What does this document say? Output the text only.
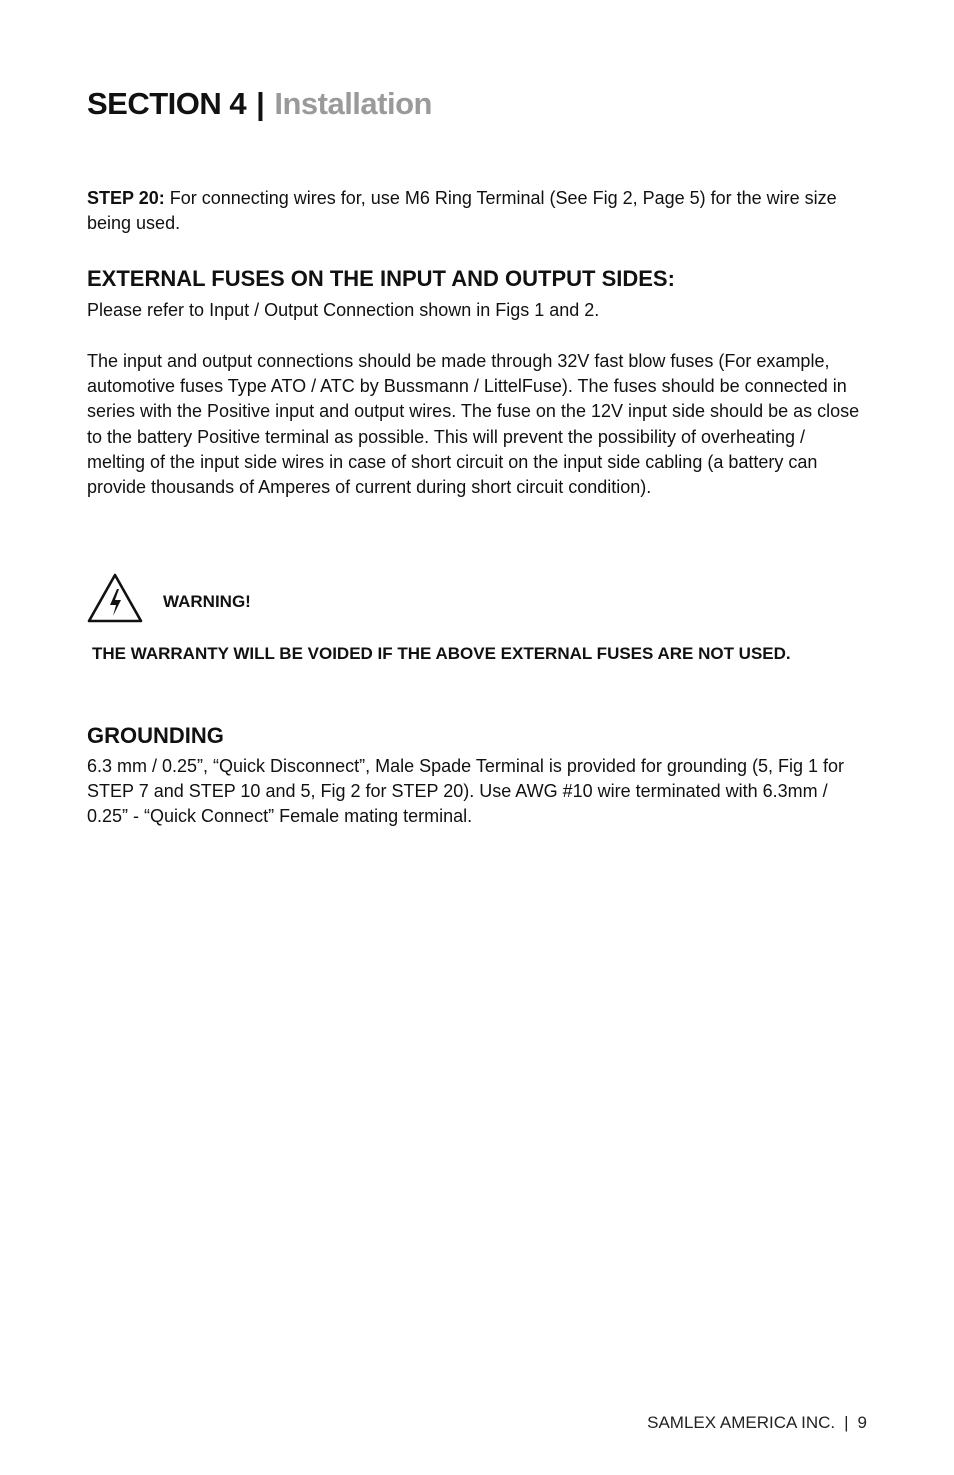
SECTION 4 | Installation

STEP 20: For connecting wires for, use M6 Ring Terminal (See Fig 2, Page 5) for the wire size being used.

EXTERNAL FUSES ON THE INPUT AND OUTPUT SIDES:

Please refer to Input / Output Connection shown in Figs 1 and 2.

The input and output connections should be made through 32V fast blow fuses (For example, automotive fuses Type ATO / ATC by Bussmann / LittelFuse). The fuses should be connected in series with the Positive input and output wires. The fuse on the 12V input side should be as close to the battery Positive terminal as possible. This will prevent the possibility of overheating / melting of the input side wires in case of short circuit on the input side cabling (a battery can provide thousands of Amperes of current during short circuit condition).

WARNING!
THE WARRANTY WILL BE VOIDED IF THE ABOVE EXTERNAL FUSES ARE NOT USED.
GROUNDING

6.3 mm / 0.25”, “Quick Disconnect”, Male Spade Terminal is provided for grounding (5, Fig 1 for STEP 7 and STEP 10 and 5, Fig 2 for STEP 20). Use AWG #10 wire terminated with 6.3mm / 0.25” - “Quick Connect” Female mating terminal.

SAMLEX AMERICA INC. | 9
